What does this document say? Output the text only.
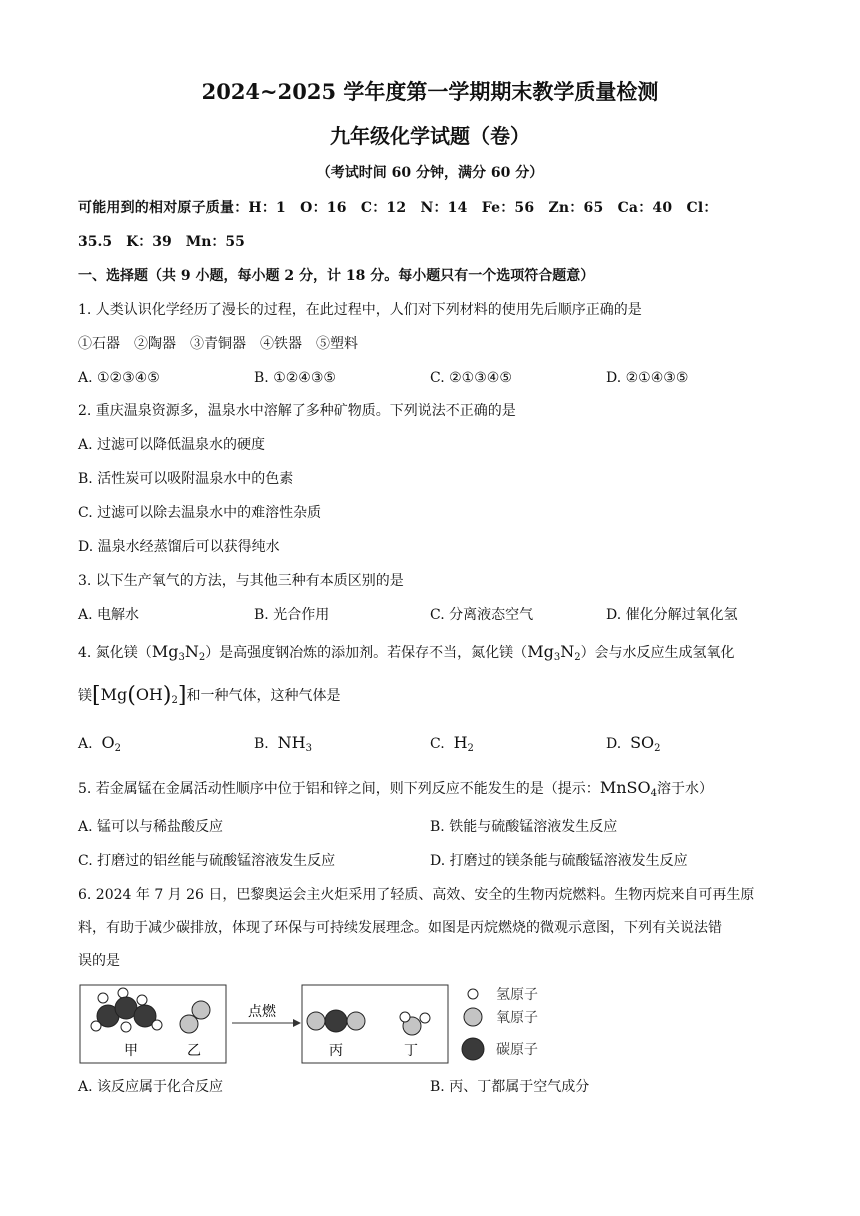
2024~2025 学年度第一学期期末教学质量检测
九年级化学试题（卷）
（考试时间 60 分钟，满分 60 分）
可能用到的相对原子质量：H：1　O：16　C：12　N：14　Fe：56　Zn：65　Ca：40　Cl：
35.5　K：39　Mn：55
一、选择题（共 9 小题，每小题 2 分，计 18 分。每小题只有一个选项符合题意）
1. 人类认识化学经历了漫长的过程，在此过程中，人们对下列材料的使用先后顺序正确的是
①石器　②陶器　③青铜器　④铁器　⑤塑料
A. ①②③④⑤	B. ①②④③⑤	C. ②①③④⑤	D. ②①④③⑤
2. 重庆温泉资源多，温泉水中溶解了多种矿物质。下列说法不正确的是
A. 过滤可以降低温泉水的硬度
B. 活性炭可以吸附温泉水中的色素
C. 过滤可以除去温泉水中的难溶性杂质
D. 温泉水经蒸馏后可以获得纯水
3. 以下生产氧气的方法，与其他三种有本质区别的是
A. 电解水	B. 光合作用	C. 分离液态空气	D. 催化分解过氧化氢
4. 氮化镁$(Mg_3N_2)$是高强度钢冶炼的添加剂。若保存不当，氮化镁$(Mg_3N_2)$会与水反应生成氢氧化
镁$[Mg(OH)_2]$和一种气体，这种气体是
A. $O_2$	B. $NH_3$	C. $H_2$	D. $SO_2$
5. 若金属锰在金属活动性顺序中位于铝和锌之间，则下列反应不能发生的是（提示：MnSO$_4$溶于水）
A. 锰可以与稀盐酸反应	B. 铁能与硫酸锰溶液发生反应
C. 打磨过的铝丝能与硫酸锰溶液发生反应	D. 打磨过的镁条能与硫酸锰溶液发生反应
6. 2024 年 7 月 26 日，巴黎奥运会主火炬采用了轻质、高效、安全的生物丙烷燃料。生物丙烷来自可再生原
料，有助于减少碳排放，体现了环保与可持续发展理念。如图是丙烷燃烧的微观示意图，下列有关说法错
误的是
甲	乙
点燃
丙	丁
氢原子
氧原子
碳原子
A. 该反应属于化合反应	B. 丙、丁都属于空气成分
